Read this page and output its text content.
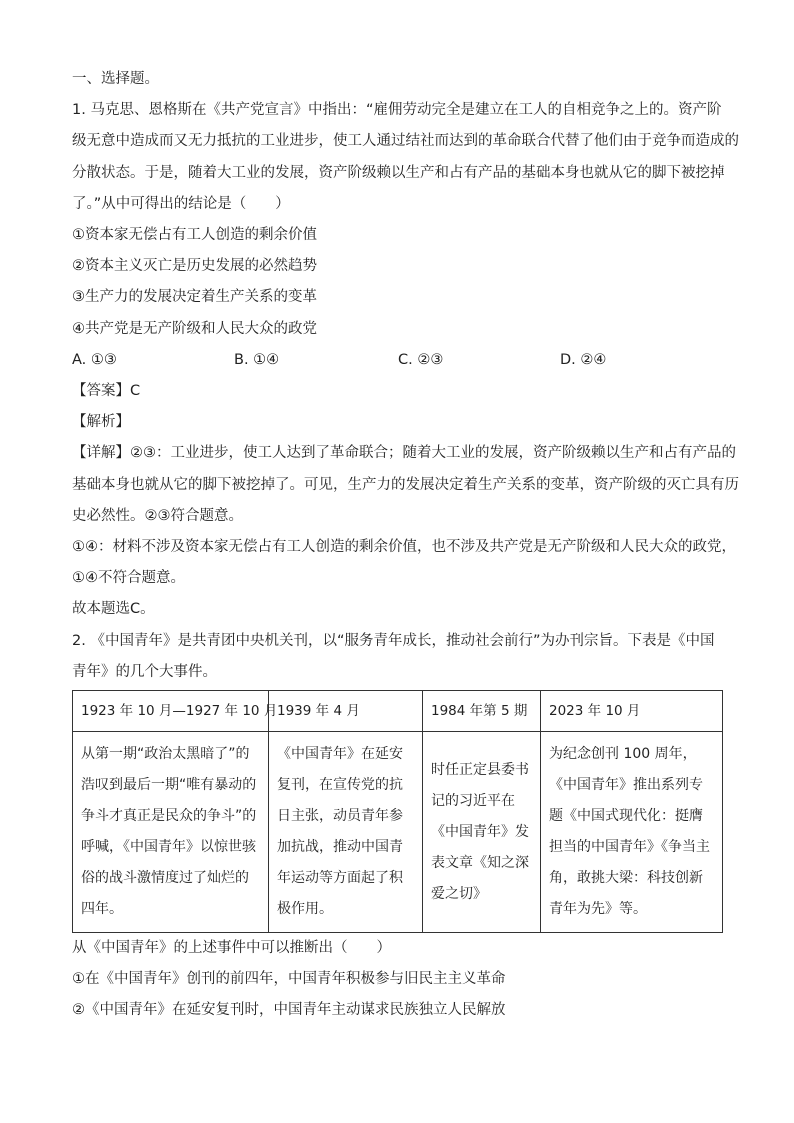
一、选择题。
1. 马克思、恩格斯在《共产党宣言》中指出：“雇佣劳动完全是建立在工人的自相竞争之上的。资产阶
级无意中造成而又无力抵抗的工业进步，使工人通过结社而达到的革命联合代替了他们由于竞争而造成的
分散状态。于是，随着大工业的发展，资产阶级赖以生产和占有产品的基础本身也就从它的脚下被挖掉
了。”从中可得出的结论是（　　）
①资本家无偿占有工人创造的剩余价值
②资本主义灭亡是历史发展的必然趋势
③生产力的发展决定着生产关系的变革
④共产党是无产阶级和人民大众的政党
A. ①③	B. ①④	C. ②③	D. ②④
【答案】C
【解析】
【详解】②③：工业进步，使工人达到了革命联合；随着大工业的发展，资产阶级赖以生产和占有产品的
基础本身也就从它的脚下被挖掉了。可见，生产力的发展决定着生产关系的变革，资产阶级的灭亡具有历
史必然性。②③符合题意。
①④：材料不涉及资本家无偿占有工人创造的剩余价值，也不涉及共产党是无产阶级和人民大众的政党，
①④不符合题意。
故本题选C。
2. 《中国青年》是共青团中央机关刊，以“服务青年成长，推动社会前行”为办刊宗旨。下表是《中国
青年》的几个大事件。
1923 年 10 月—1927 年 10 月	1939 年 4 月	1984 年第 5 期	2023 年 10 月

从第一期“政治太黑暗了”的浩叹到最后一期“唯有暴动的争斗才真正是民众的争斗”的呼喊，《中国青年》以惊世骇俗的战斗激情度过了灿烂的四年。	《中国青年》在延安复刊，在宣传党的抗日主张，动员青年参加抗战，推动中国青年运动等方面起了积极作用。	时任正定县委书记的习近平在《中国青年》发表文章《知之深爱之切》	为纪念创刊 100 周年，《中国青年》推出系列专题《中国式现代化：挺膺担当的中国青年》《争当主角，敢挑大梁：科技创新青年为先》等。
从《中国青年》的上述事件中可以推断出（　　）
①在《中国青年》创刊的前四年，中国青年积极参与旧民主主义革命
②《中国青年》在延安复刊时，中国青年主动谋求民族独立人民解放
